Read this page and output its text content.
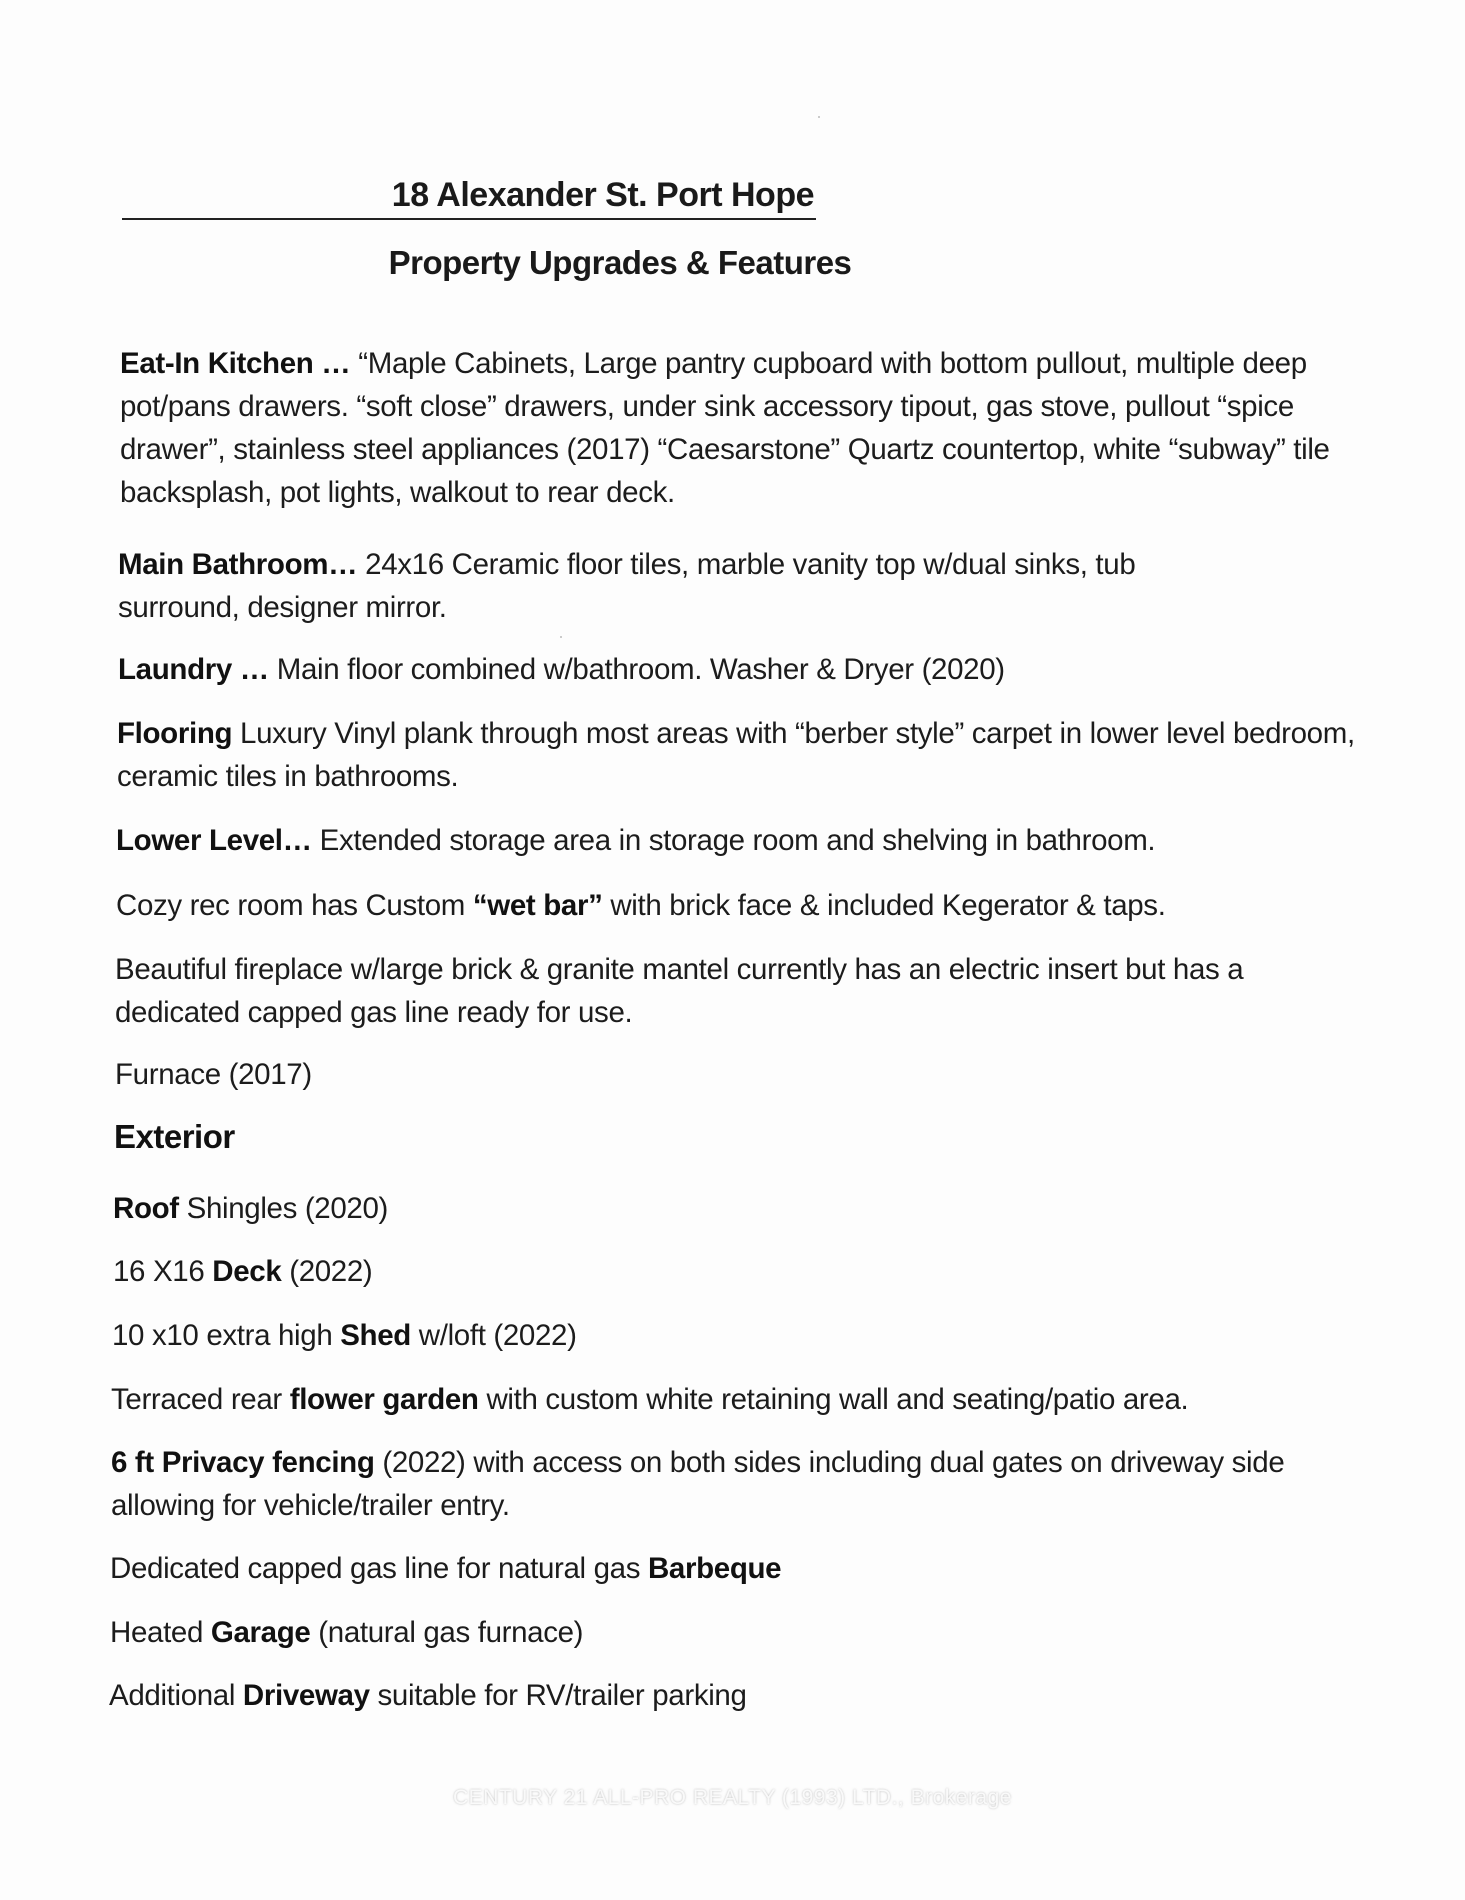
18 Alexander St. Port Hope
Property Upgrades & Features
Eat-In Kitchen … “Maple Cabinets, Large pantry cupboard with bottom pullout, multiple deep pot/pans drawers. “soft close” drawers, under sink accessory tipout, gas stove, pullout “spice drawer”, stainless steel appliances (2017) “Caesarstone” Quartz countertop, white “subway” tile backsplash, pot lights, walkout to rear deck.
Main Bathroom… 24x16 Ceramic floor tiles, marble vanity top w/dual sinks, tub surround, designer mirror.
Laundry … Main floor combined w/bathroom. Washer & Dryer (2020)
Flooring Luxury Vinyl plank through most areas with “berber style” carpet in lower level bedroom, ceramic tiles in bathrooms.
Lower Level… Extended storage area in storage room and shelving in bathroom.
Cozy rec room has Custom “wet bar” with brick face & included Kegerator & taps.
Beautiful fireplace w/large brick & granite mantel currently has an electric insert but has a dedicated capped gas line ready for use.
Furnace (2017)
Exterior
Roof Shingles (2020)
16 X16 Deck (2022)
10 x10 extra high Shed w/loft (2022)
Terraced rear flower garden with custom white retaining wall and seating/patio area.
6 ft Privacy fencing (2022) with access on both sides including dual gates on driveway side allowing for vehicle/trailer entry.
Dedicated capped gas line for natural gas Barbeque
Heated Garage (natural gas furnace)
Additional Driveway suitable for RV/trailer parking
CENTURY 21 ALL-PRO REALTY (1993) LTD., Brokerage
